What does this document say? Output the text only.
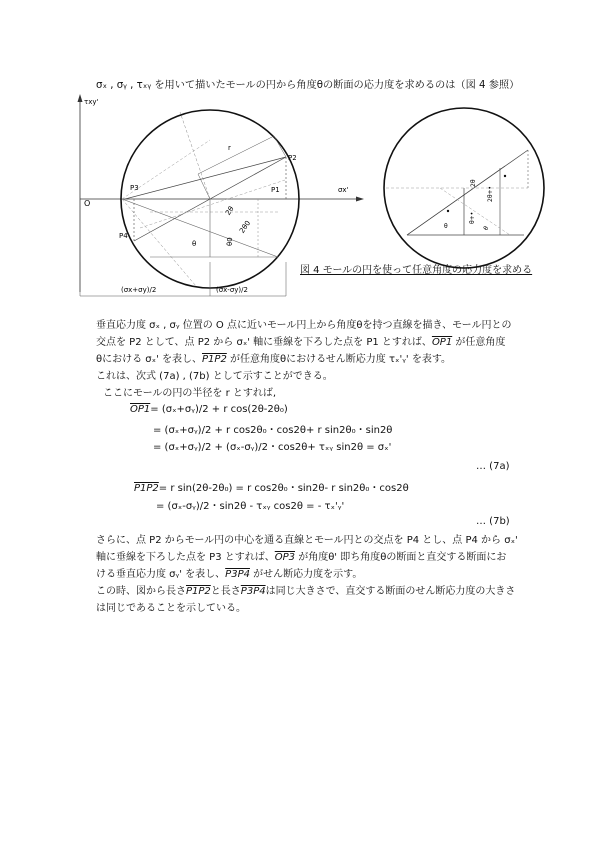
σₓ , σᵧ , τₓᵧ を用いて描いたモールの円から角度θの断面の応力度を求めるのは（図 4 参照）
τxy'
σx'
O
r
P1
P2
P3
P4
2θ
2θ0
θ	θ0
(σx+σy)/2	(σx-σy)/2
2θ
2θ+•
θ
θ+•
θ
図 4 モールの円を使って任意角度の応力度を求める
垂直応力度 σₓ , σᵧ 位置の O 点に近いモール円上から角度θを持つ直線を描き、モール円との
交点を P2 として、点 P2 から σₓ' 軸に垂線を下ろした点を P1 とすれば、OP1 が任意角度
θにおける σₓ' を表し、P1P2 が任意角度θにおけるせん断応力度 τₓ'ᵧ' を表す。
これは、次式 (7a) , (7b) として示すことができる。
ここにモールの円の半径を r とすれば,
OP1= (σₓ+σᵧ)/2 + r cos(2θ-2θ₀)
= (σₓ+σᵧ)/2 + r cos2θ₀・cos2θ+ r sin2θ₀・sin2θ
= (σₓ+σᵧ)/2 + (σₓ-σᵧ)/2・cos2θ+ τₓᵧ sin2θ = σₓ'
… (7a)
P1P2= r sin(2θ-2θ₀) = r cos2θ₀・sin2θ- r sin2θ₀・cos2θ
= (σₓ-σᵧ)/2・sin2θ - τₓᵧ cos2θ = - τₓ'ᵧ'
… (7b)
さらに、点 P2 からモール円の中心を通る直線とモール円との交点を P4 とし、点 P4 から σₓ'
軸に垂線を下ろした点を P3 とすれば、OP3 が角度θ' 即ち角度θの断面と直交する断面にお
ける垂直応力度 σᵧ' を表し、P3P4 がせん断応力度を示す。
この時、図から長さP1P2と長さP3P4は同じ大きさで、直交する断面のせん断応力度の大きさ
は同じであることを示している。
